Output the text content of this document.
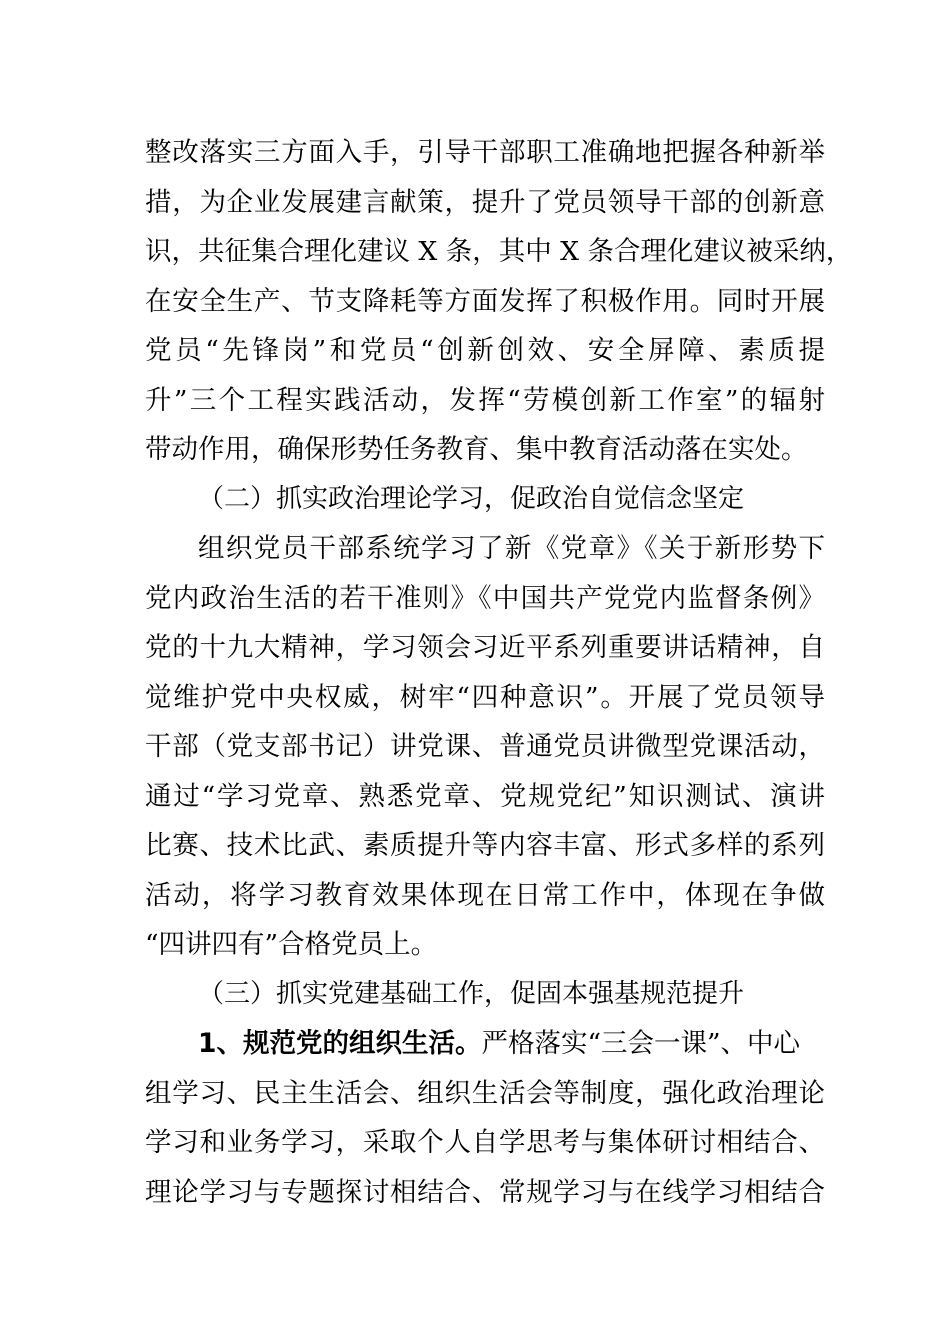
整改落实三方面入手，引导干部职工准确地把握各种新举
措，为企业发展建言献策，提升了党员领导干部的创新意
识，共征集合理化建议 X 条，其中 X 条合理化建议被采纳，
在安全生产、节支降耗等方面发挥了积极作用。同时开展
党员“先锋岗”和党员“创新创效、安全屏障、素质提
升”三个工程实践活动，发挥“劳模创新工作室”的辐射
带动作用，确保形势任务教育、集中教育活动落在实处。
（二）抓实政治理论学习，促政治自觉信念坚定
组织党员干部系统学习了新《党章》《关于新形势下
党内政治生活的若干准则》《中国共产党党内监督条例》
党的十九大精神，学习领会习近平系列重要讲话精神，自
觉维护党中央权威，树牢“四种意识”。开展了党员领导
干部（党支部书记）讲党课、普通党员讲微型党课活动，
通过“学习党章、熟悉党章、党规党纪”知识测试、演讲
比赛、技术比武、素质提升等内容丰富、形式多样的系列
活动，将学习教育效果体现在日常工作中，体现在争做
“四讲四有”合格党员上。
（三）抓实党建基础工作，促固本强基规范提升
1、规范党的组织生活。严格落实“三会一课”、中心
组学习、民主生活会、组织生活会等制度，强化政治理论
学习和业务学习，采取个人自学思考与集体研讨相结合、
理论学习与专题探讨相结合、常规学习与在线学习相结合
